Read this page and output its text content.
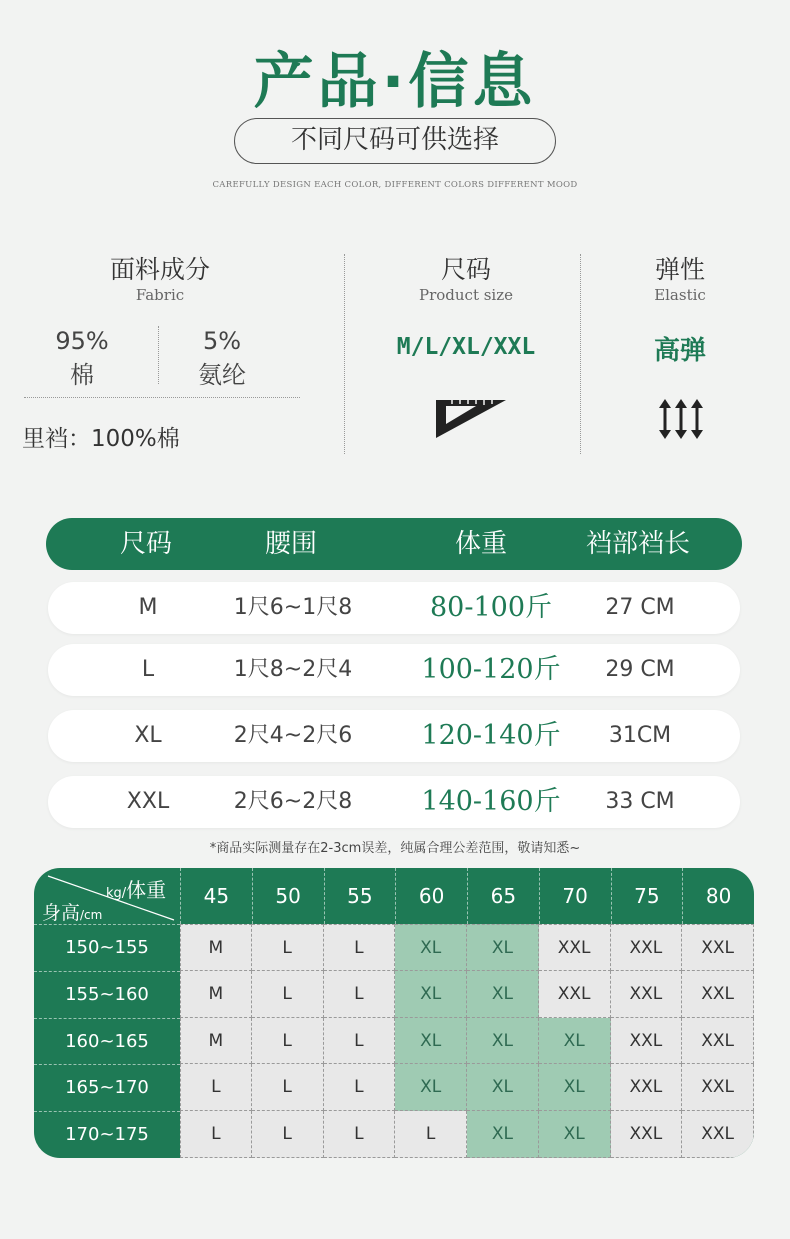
产品·信息
不同尺码可供选择
CAREFULLY DESIGN EACH COLOR, DIFFERENT COLORS DIFFERENT MOOD
面料成分
Fabric
95%
棉
5%
氨纶
里裆：100%棉
尺码
Product size
M/L/XL/XXL
弹性
Elastic
高弹
尺码	腰围	体重	裆部裆长
M	1尺6~1尺8	80-100斤	27 CM
L	1尺8~2尺4	100-120斤	29 CM
XL	2尺4~2尺6	120-140斤	31CM
XXL	2尺6~2尺8	140-160斤	33 CM
*商品实际测量存在2-3cm误差，纯属合理公差范围，敬请知悉~
kg/体重
身高/cm
45	50	55	60	65	70	75	80
150~155	M	L	L	XL	XL	XXL	XXL	XXL
155~160	M	L	L	XL	XL	XXL	XXL	XXL
160~165	M	L	L	XL	XL	XL	XXL	XXL
165~170	L	L	L	XL	XL	XL	XXL	XXL
170~175	L	L	L	L	XL	XL	XXL	XXL
